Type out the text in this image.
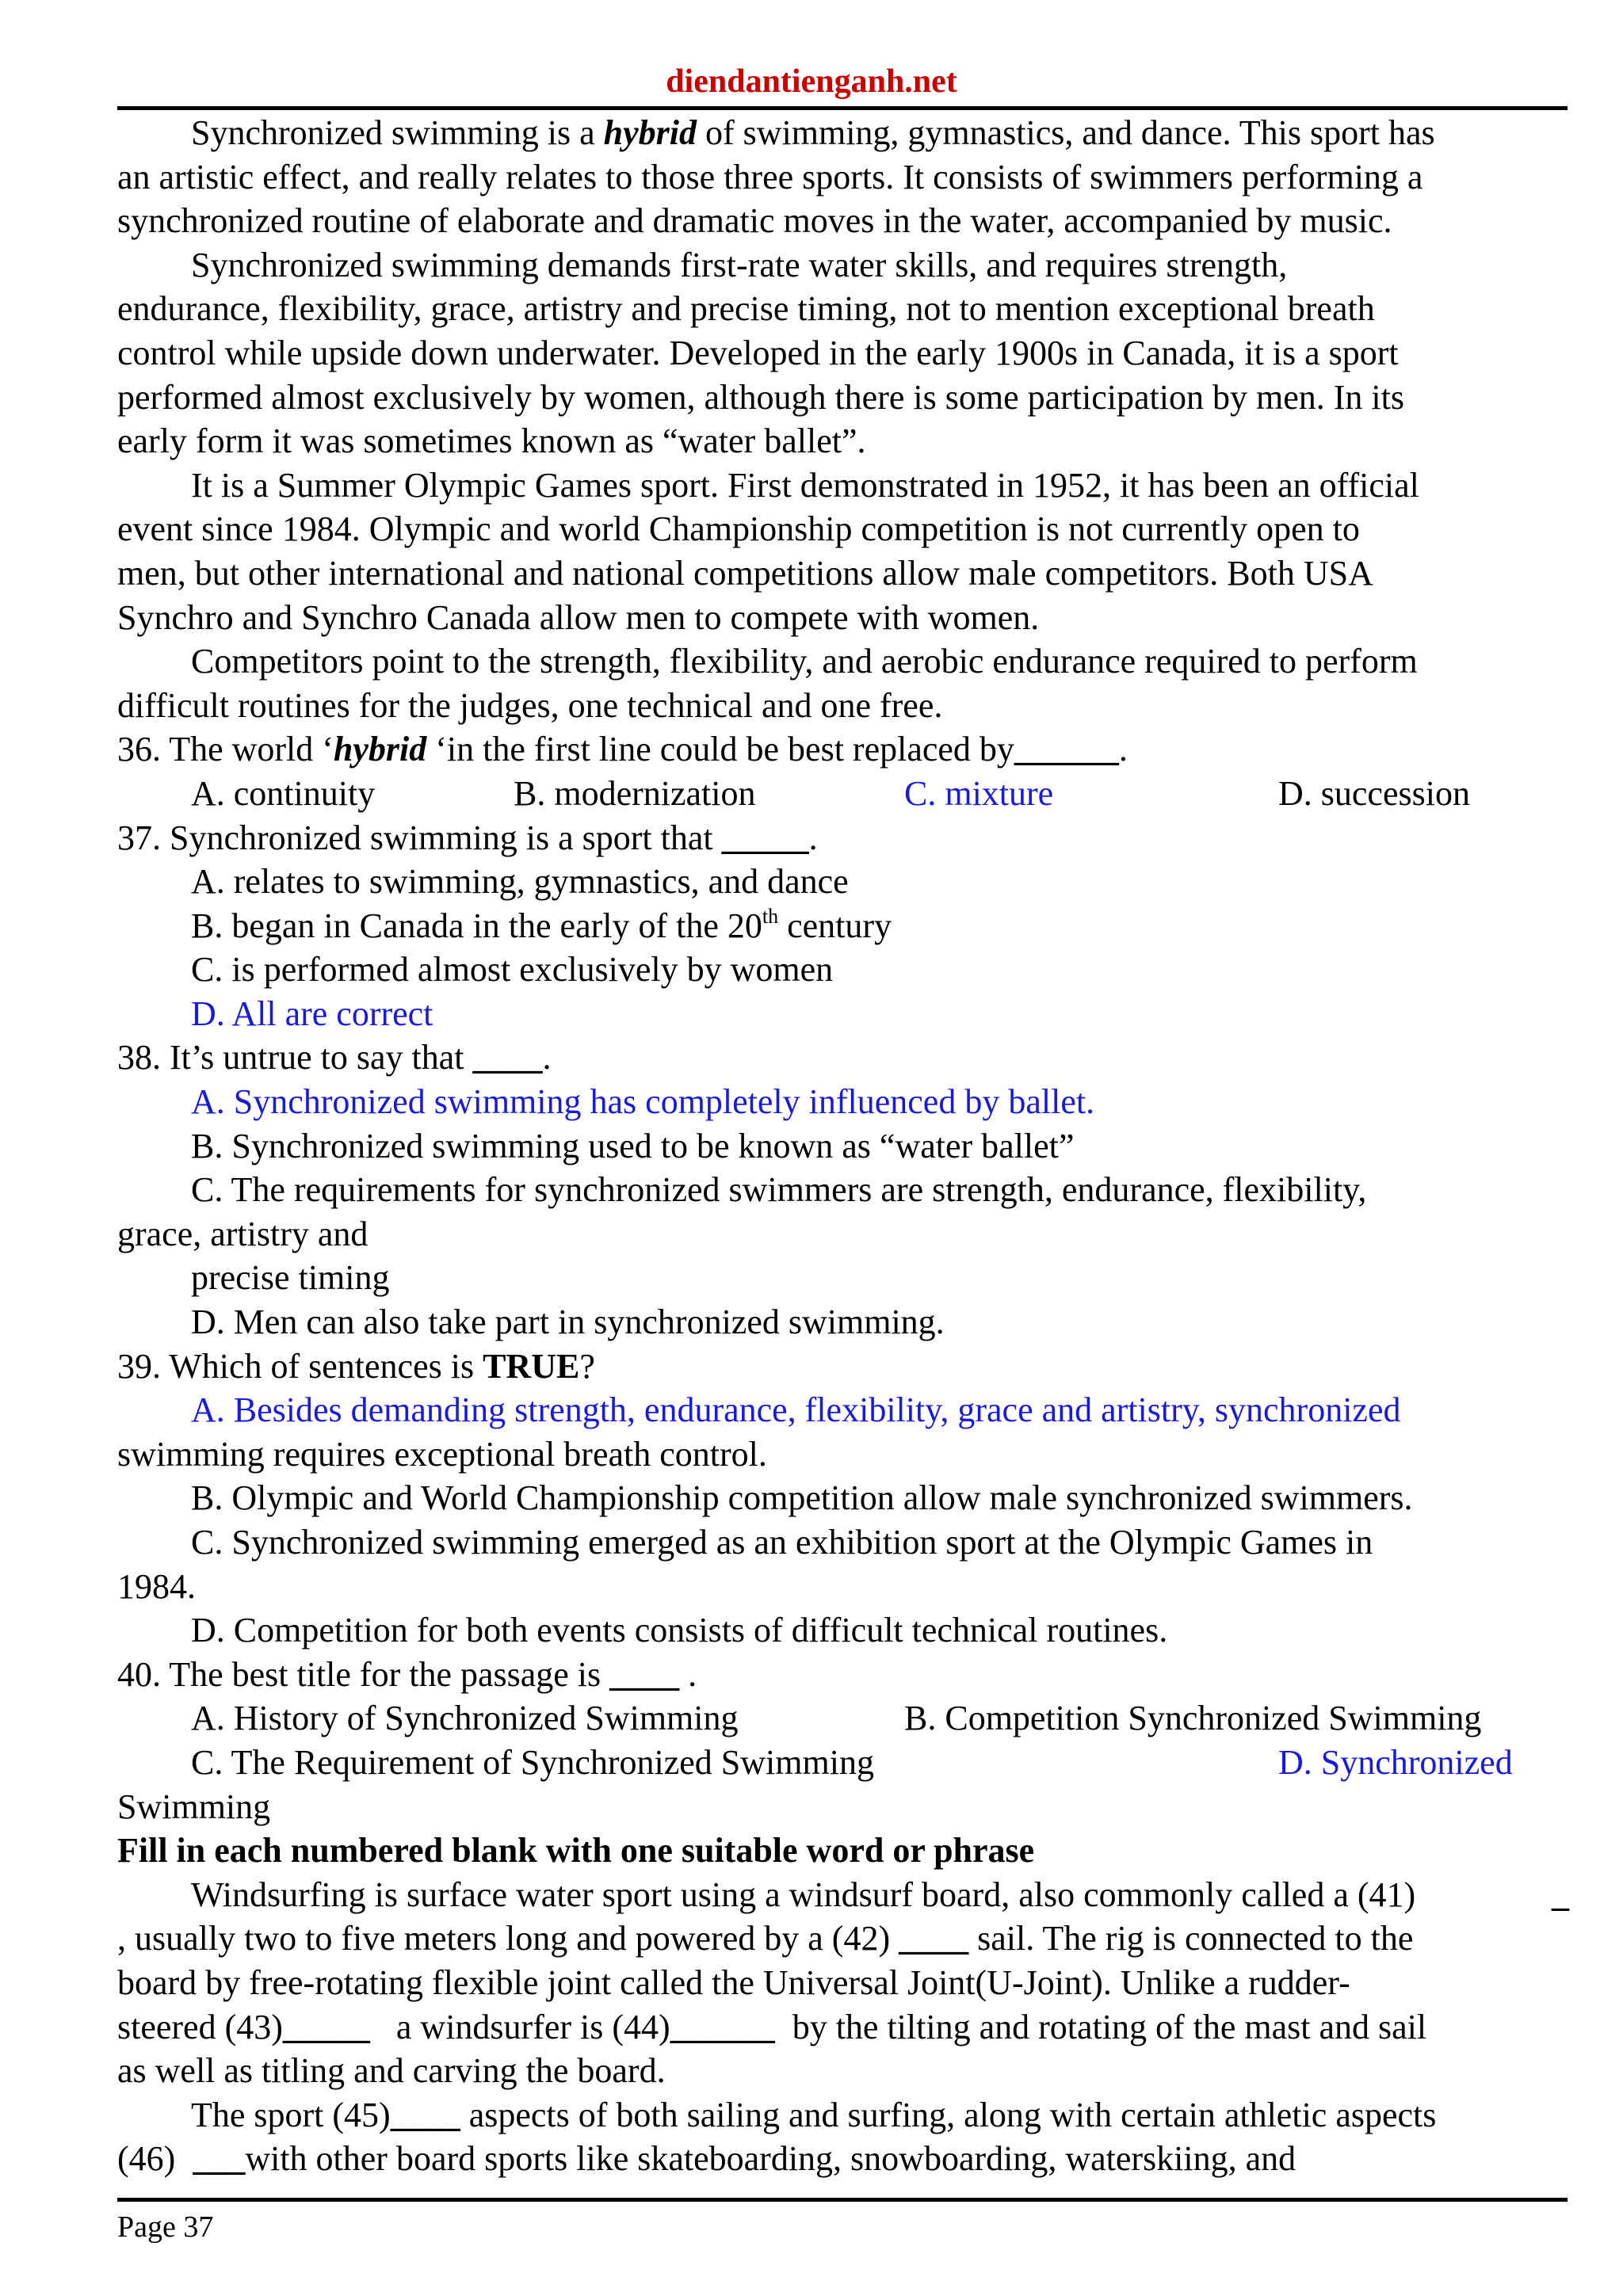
diendantienganh.net
Synchronized swimming is a hybrid of swimming, gymnastics, and dance. This sport has
an artistic effect, and really relates to those three sports. It consists of swimmers performing a
synchronized routine of elaborate and dramatic moves in the water, accompanied by music.
Synchronized swimming demands first-rate water skills, and requires strength,
endurance, flexibility, grace, artistry and precise timing, not to mention exceptional breath
control while upside down underwater. Developed in the early 1900s in Canada, it is a sport
performed almost exclusively by women, although there is some participation by men. In its
early form it was sometimes known as “water ballet”.
It is a Summer Olympic Games sport. First demonstrated in 1952, it has been an official
event since 1984. Olympic and world Championship competition is not currently open to
men, but other international and national competitions allow male competitors. Both USA
Synchro and Synchro Canada allow men to compete with women.
Competitors point to the strength, flexibility, and aerobic endurance required to perform
difficult routines for the judges, one technical and one free.
36. The world ‘hybrid ‘in the first line could be best replaced by______.
A. continuity	B. modernization	C. mixture	D. succession
37. Synchronized swimming is a sport that _____.
A. relates to swimming, gymnastics, and dance
B. began in Canada in the early of the 20th century
C. is performed almost exclusively by women
D. All are correct
38. It’s untrue to say that ____.
A. Synchronized swimming has completely influenced by ballet.
B. Synchronized swimming used to be known as “water ballet”
C. The requirements for synchronized swimmers are strength, endurance, flexibility,
grace, artistry and
precise timing
D. Men can also take part in synchronized swimming.
39. Which of sentences is TRUE?
A. Besides demanding strength, endurance, flexibility, grace and artistry, synchronized
swimming requires exceptional breath control.
B. Olympic and World Championship competition allow male synchronized swimmers.
C. Synchronized swimming emerged as an exhibition sport at the Olympic Games in
1984.
D. Competition for both events consists of difficult technical routines.
40. The best title for the passage is ____ .
A. History of Synchronized Swimming	B. Competition Synchronized Swimming
C. The Requirement of Synchronized Swimming	D. Synchronized
Swimming
Fill in each numbered blank with one suitable word or phrase
Windsurfing is surface water sport using a windsurf board, also commonly called a (41)	_
, usually two to five meters long and powered by a (42) ____ sail. The rig is connected to the
board by free-rotating flexible joint called the Universal Joint(U-Joint). Unlike a rudder-
steered (43)_____   a windsurfer is (44)______  by the tilting and rotating of the mast and sail
as well as titling and carving the board.
The sport (45)____ aspects of both sailing and surfing, along with certain athletic aspects
(46)  ___with other board sports like skateboarding, snowboarding, waterskiing, and
Page 37
